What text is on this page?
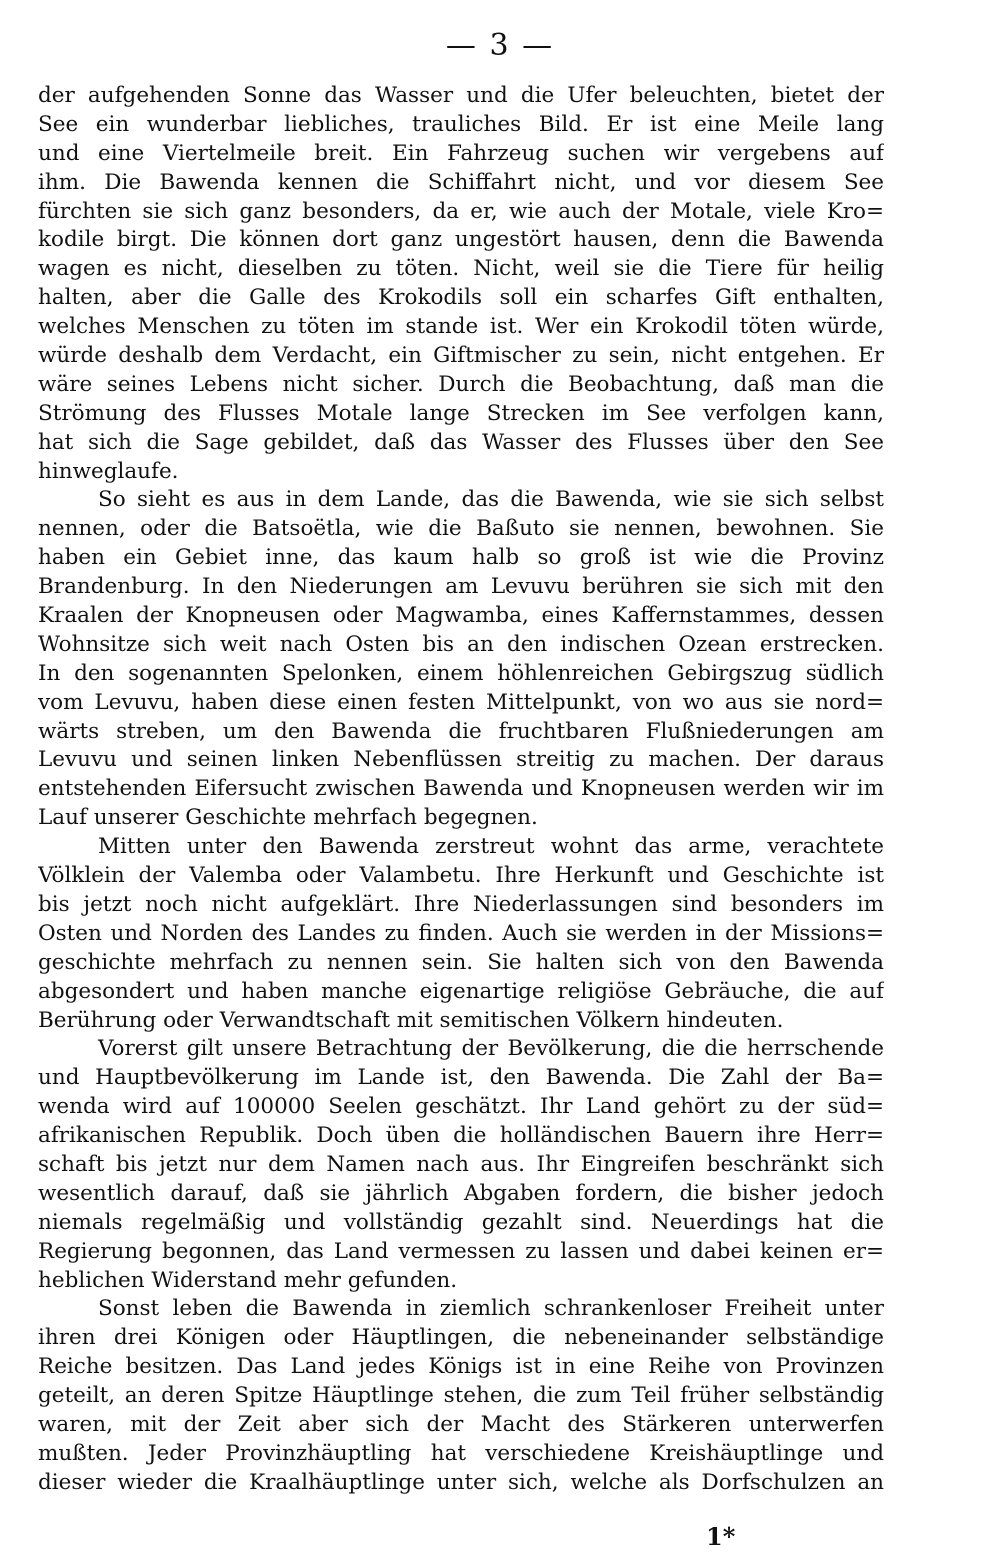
— 3 —
der aufgehenden Sonne das Wasser und die Ufer beleuchten, bietet der
See ein wunderbar liebliches, trauliches Bild. Er ist eine Meile lang
und eine Viertelmeile breit. Ein Fahrzeug suchen wir vergebens auf
ihm. Die Bawenda kennen die Schiffahrt nicht, und vor diesem See
fürchten sie sich ganz besonders, da er, wie auch der Motale, viele Kro=
kodile birgt. Die können dort ganz ungestört hausen, denn die Bawenda
wagen es nicht, dieselben zu töten. Nicht, weil sie die Tiere für heilig
halten, aber die Galle des Krokodils soll ein scharfes Gift enthalten,
welches Menschen zu töten im stande ist. Wer ein Krokodil töten würde,
würde deshalb dem Verdacht, ein Giftmischer zu sein, nicht entgehen. Er
wäre seines Lebens nicht sicher. Durch die Beobachtung, daß man die
Strömung des Flusses Motale lange Strecken im See verfolgen kann,
hat sich die Sage gebildet, daß das Wasser des Flusses über den See
hinweglaufe.
So sieht es aus in dem Lande, das die Bawenda, wie sie sich selbst
nennen, oder die Batsoëtla, wie die Baßuto sie nennen, bewohnen. Sie
haben ein Gebiet inne, das kaum halb so groß ist wie die Provinz
Brandenburg. In den Niederungen am Levuvu berühren sie sich mit den
Kraalen der Knopneusen oder Magwamba, eines Kaffernstammes, dessen
Wohnsitze sich weit nach Osten bis an den indischen Ozean erstrecken.
In den sogenannten Spelonken, einem höhlenreichen Gebirgszug südlich
vom Levuvu, haben diese einen festen Mittelpunkt, von wo aus sie nord=
wärts streben, um den Bawenda die fruchtbaren Flußniederungen am
Levuvu und seinen linken Nebenflüssen streitig zu machen. Der daraus
entstehenden Eifersucht zwischen Bawenda und Knopneusen werden wir im
Lauf unserer Geschichte mehrfach begegnen.
Mitten unter den Bawenda zerstreut wohnt das arme, verachtete
Völklein der Valemba oder Valambetu. Ihre Herkunft und Geschichte ist
bis jetzt noch nicht aufgeklärt. Ihre Niederlassungen sind besonders im
Osten und Norden des Landes zu finden. Auch sie werden in der Missions=
geschichte mehrfach zu nennen sein. Sie halten sich von den Bawenda
abgesondert und haben manche eigenartige religiöse Gebräuche, die auf
Berührung oder Verwandtschaft mit semitischen Völkern hindeuten.
Vorerst gilt unsere Betrachtung der Bevölkerung, die die herrschende
und Hauptbevölkerung im Lande ist, den Bawenda. Die Zahl der Ba=
wenda wird auf 100000 Seelen geschätzt. Ihr Land gehört zu der süd=
afrikanischen Republik. Doch üben die holländischen Bauern ihre Herr=
schaft bis jetzt nur dem Namen nach aus. Ihr Eingreifen beschränkt sich
wesentlich darauf, daß sie jährlich Abgaben fordern, die bisher jedoch
niemals regelmäßig und vollständig gezahlt sind. Neuerdings hat die
Regierung begonnen, das Land vermessen zu lassen und dabei keinen er=
heblichen Widerstand mehr gefunden.
Sonst leben die Bawenda in ziemlich schrankenloser Freiheit unter
ihren drei Königen oder Häuptlingen, die nebeneinander selbständige
Reiche besitzen. Das Land jedes Königs ist in eine Reihe von Provinzen
geteilt, an deren Spitze Häuptlinge stehen, die zum Teil früher selbständig
waren, mit der Zeit aber sich der Macht des Stärkeren unterwerfen
mußten. Jeder Provinzhäuptling hat verschiedene Kreishäuptlinge und
dieser wieder die Kraalhäuptlinge unter sich, welche als Dorfschulzen an
1*
